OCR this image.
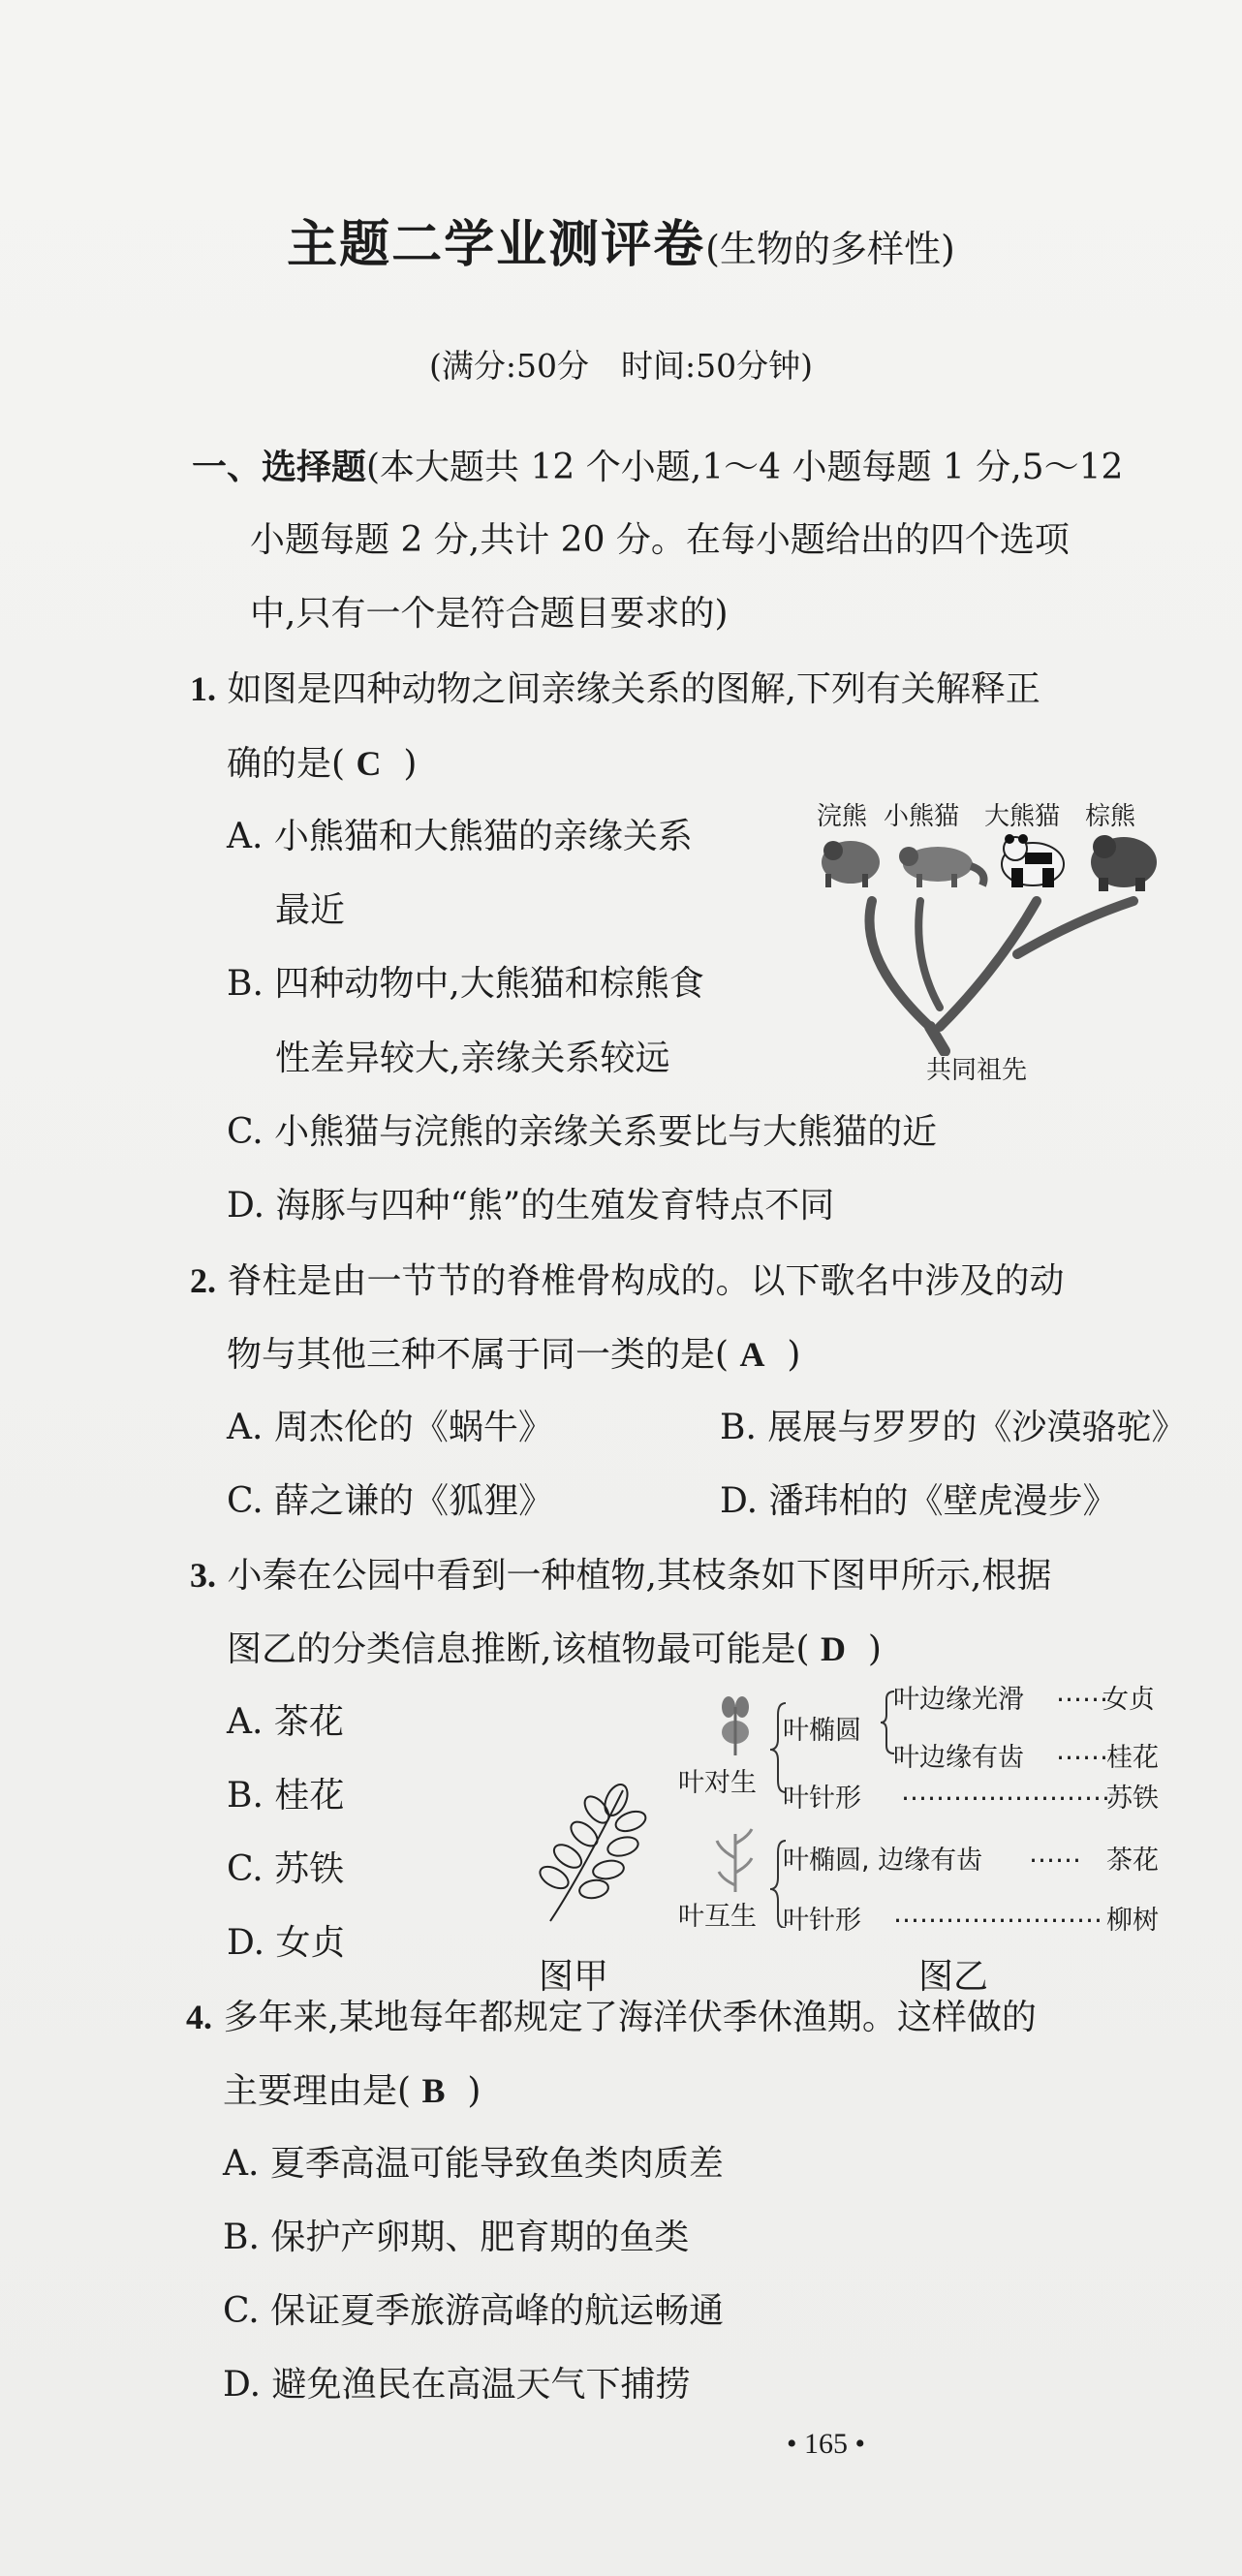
主题二学业测评卷(生物的多样性)
(满分:50分　时间:50分钟)
一、选择题(本大题共 12 个小题,1～4 小题每题 1 分,5～12
小题每题 2 分,共计 20 分。在每小题给出的四个选项
中,只有一个是符合题目要求的)
1. 如图是四种动物之间亲缘关系的图解,下列有关解释正
确的是( C )
A. 小熊猫和大熊猫的亲缘关系
最近
B. 四种动物中,大熊猫和棕熊食
性差异较大,亲缘关系较远
C. 小熊猫与浣熊的亲缘关系要比与大熊猫的近
D. 海豚与四种“熊”的生殖发育特点不同
浣熊 小熊猫 大熊猫 棕熊
共同祖先
2. 脊柱是由一节节的脊椎骨构成的。以下歌名中涉及的动
物与其他三种不属于同一类的是( A )
A. 周杰伦的《蜗牛》	B. 展展与罗罗的《沙漠骆驼》
C. 薛之谦的《狐狸》	D. 潘玮柏的《壁虎漫步》
3. 小秦在公园中看到一种植物,其枝条如下图甲所示,根据
图乙的分类信息推断,该植物最可能是( D )
A. 茶花
B. 桂花
C. 苏铁
D. 女贞
图甲
叶椭圆
叶边缘光滑 ……
女贞
叶边缘有齿 ……
桂花
叶对生
叶针形 ……………………
苏铁
叶椭圆, 边缘有齿 …… 茶花
叶互生 叶针形 …………………… 柳树
图乙
4. 多年来,某地每年都规定了海洋伏季休渔期。这样做的
主要理由是( B )
A. 夏季高温可能导致鱼类肉质差
B. 保护产卵期、肥育期的鱼类
C. 保证夏季旅游高峰的航运畅通
D. 避免渔民在高温天气下捕捞
• 165 •
